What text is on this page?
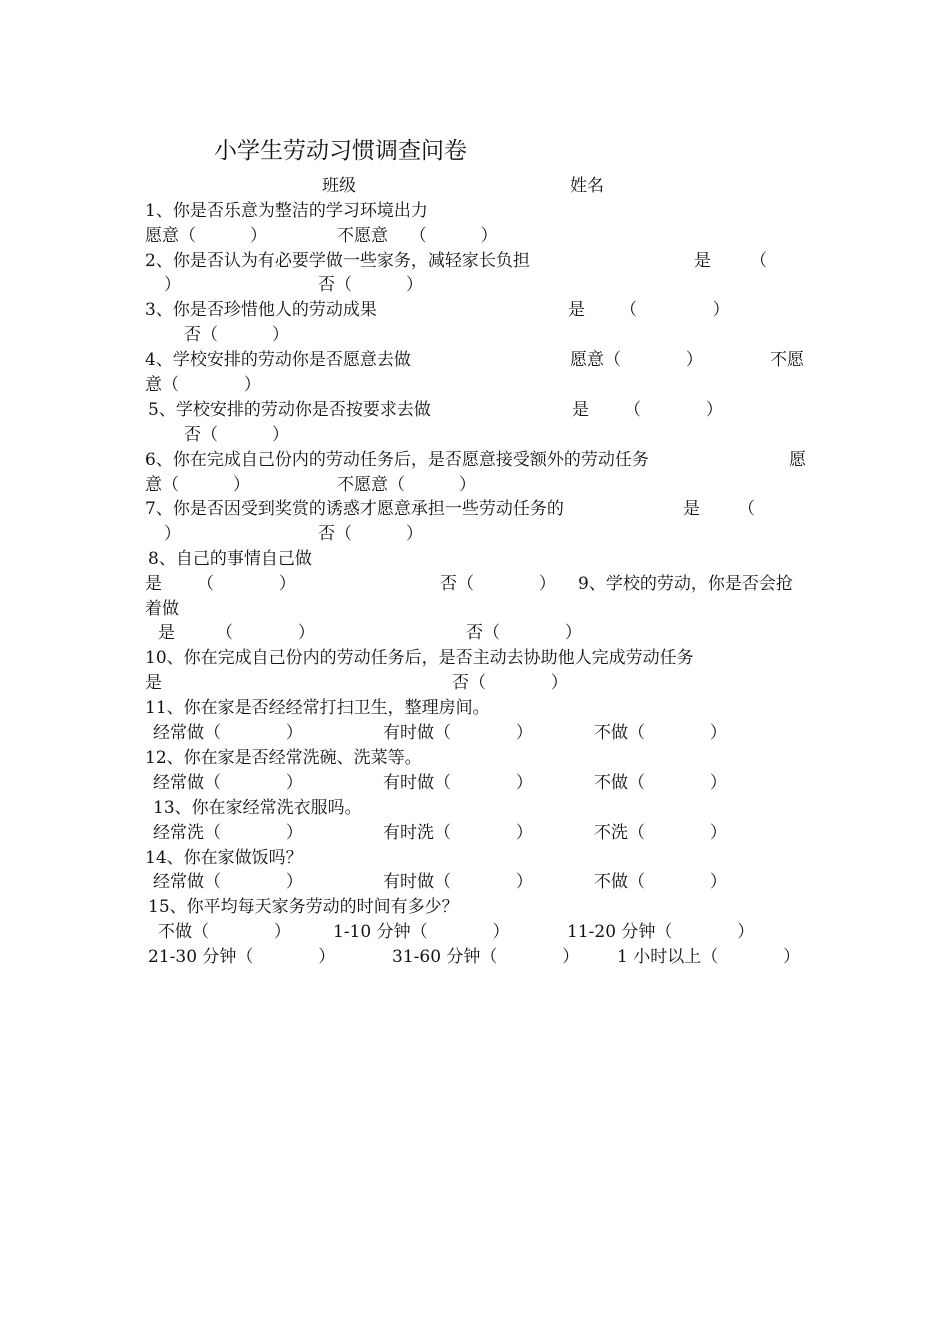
小学生劳动习惯调查问卷
班级	姓名
1、你是否乐意为整洁的学习环境出力
愿意（          ）	不愿意    （          ）
2、你是否认为有必要学做一些家务，减轻家长负担	是 （
）	否（          ）
3、你是否珍惜他人的劳动成果	是 （              ）
否（          ）
4、学校安排的劳动你是否愿意去做	愿意（            ）	不愿
意（            ）
5、学校安排的劳动你是否按要求去做	是 （            ）
否（          ）
6、你在完成自己份内的劳动任务后，是否愿意接受额外的劳动任务	愿
意（          ）	不愿意（          ）
7、你是否因受到奖赏的诱惑才愿意承担一些劳动任务的	是 （
）	否（          ）
8、自己的事情自己做
是 （            ）	否（            ） 9、学校的劳动，你是否会抢
着做
是 （            ）	否（            ）
10、你在完成自己份内的劳动任务后，是否主动去协助他人完成劳动任务
是	否（            ）
11、你在家是否经经常打扫卫生，整理房间。
经常做（            ）	有时做（            ）	不做（            ）
12、你在家是否经常洗碗、洗菜等。
经常做（            ）	有时做（            ）	不做（            ）
13、你在家经常洗衣服吗。
经常洗（            ）	有时洗（            ）	不洗（            ）
14、你在家做饭吗？
经常做（            ）	有时做（            ）	不做（            ）
15、你平均每天家务劳动的时间有多少？
不做（            ） 1-10 分钟（            ）	11-20 分钟（            ）
21-30 分钟（            ）	31-60 分钟（            ） 1 小时以上（            ）
